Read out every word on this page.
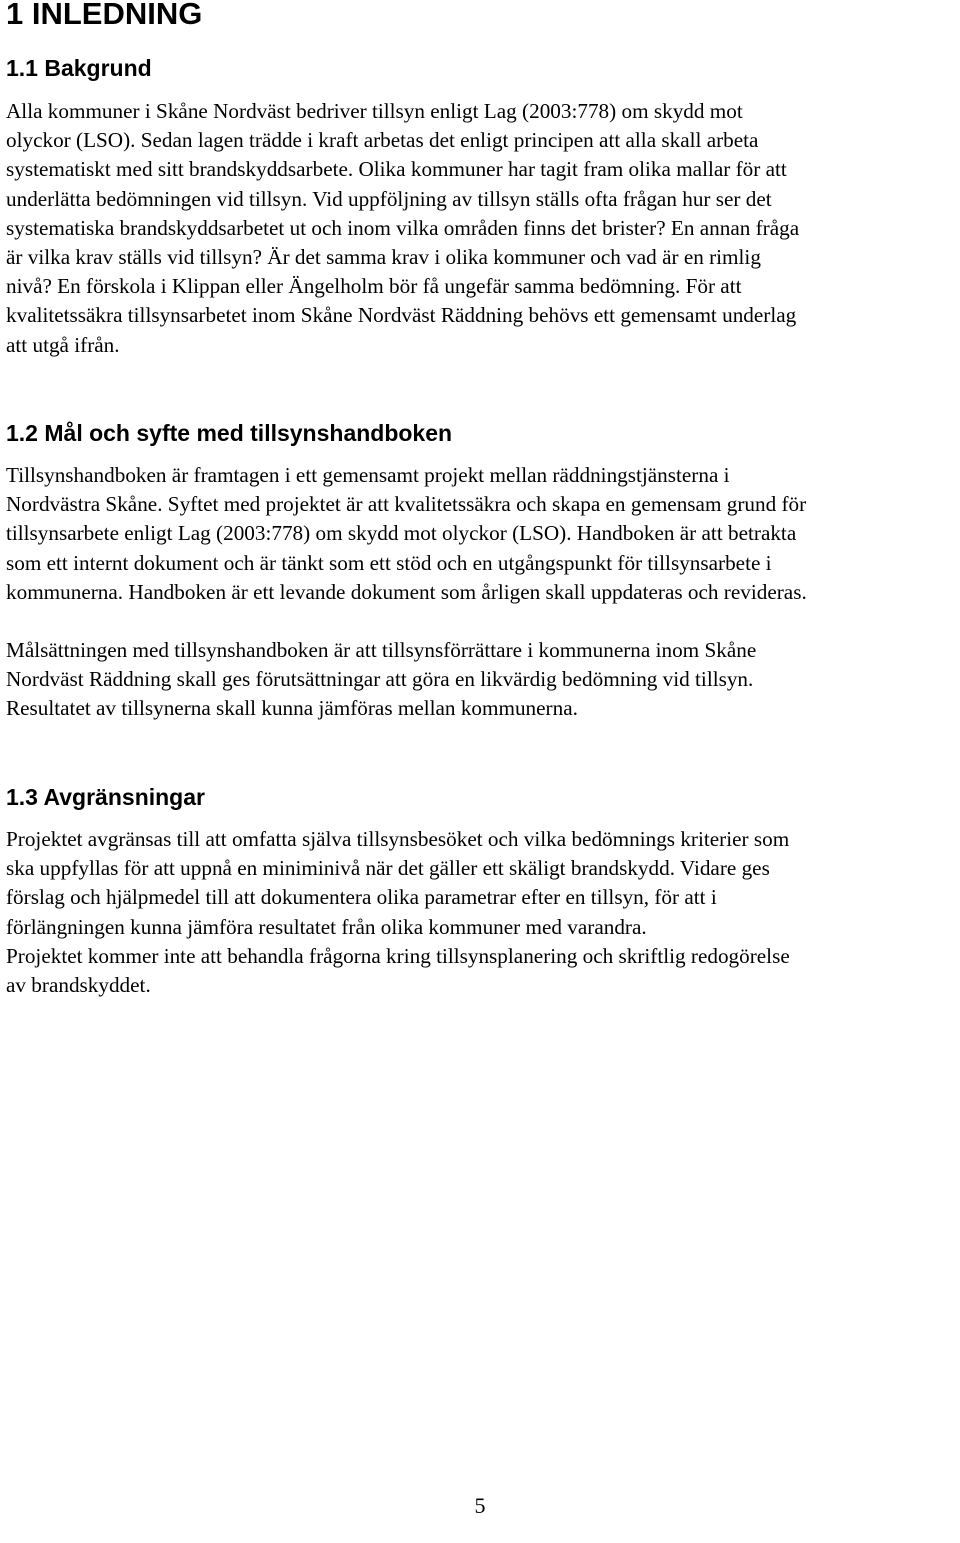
1 INLEDNING
1.1 Bakgrund
Alla kommuner i Skåne Nordväst bedriver tillsyn enligt Lag (2003:778) om skydd mot
olyckor (LSO). Sedan lagen trädde i kraft arbetas det enligt principen att alla skall arbeta
systematiskt med sitt brandskyddsarbete. Olika kommuner har tagit fram olika mallar för att
underlätta bedömningen vid tillsyn. Vid uppföljning av tillsyn ställs ofta frågan hur ser det
systematiska brandskyddsarbetet ut och inom vilka områden finns det brister? En annan fråga
är vilka krav ställs vid tillsyn? Är det samma krav i olika kommuner och vad är en rimlig
nivå? En förskola i Klippan eller Ängelholm bör få ungefär samma bedömning. För att
kvalitetssäkra tillsynsarbetet inom Skåne Nordväst Räddning behövs ett gemensamt underlag
att utgå ifrån.
1.2 Mål och syfte med tillsynshandboken
Tillsynshandboken är framtagen i ett gemensamt projekt mellan räddningstjänsterna i
Nordvästra Skåne. Syftet med projektet är att kvalitetssäkra och skapa en gemensam grund för
tillsynsarbete enligt Lag (2003:778) om skydd mot olyckor (LSO). Handboken är att betrakta
som ett internt dokument och är tänkt som ett stöd och en utgångspunkt för tillsynsarbete i
kommunerna. Handboken är ett levande dokument som årligen skall uppdateras och revideras.
Målsättningen med tillsynshandboken är att tillsynsförrättare i kommunerna inom Skåne
Nordväst Räddning skall ges förutsättningar att göra en likvärdig bedömning vid tillsyn.
Resultatet av tillsynerna skall kunna jämföras mellan kommunerna.
1.3 Avgränsningar
Projektet avgränsas till att omfatta själva tillsynsbesöket och vilka bedömnings kriterier som
ska uppfyllas för att uppnå en miniminivå när det gäller ett skäligt brandskydd. Vidare ges
förslag och hjälpmedel till att dokumentera olika parametrar efter en tillsyn, för att i
förlängningen kunna jämföra resultatet från olika kommuner med varandra.
Projektet kommer inte att behandla frågorna kring tillsynsplanering och skriftlig redogörelse
av brandskyddet.
5
